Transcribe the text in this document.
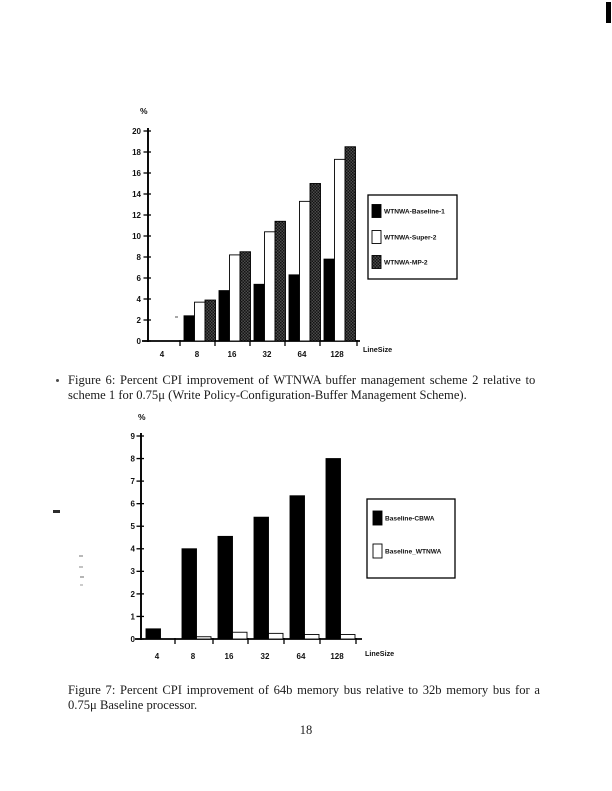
0
2
4
6
8
10
12
14
16
18
20
%
4	8	16	32	64	128
LineSize
WTNWA-Baseline-1
WTNWA-Super-2
WTNWA-MP-2
Figure 6: Percent CPI improvement of WTNWA buffer management scheme 2 relative to
scheme 1 for 0.75μ (Write Policy-Configuration-Buffer Management Scheme).
0
1
2
3
4
5
6
7
8
9
%
4	8	16	32	64	128	LineSize
Baseline-CBWA
Baseline_WTNWA
Figure 7: Percent CPI improvement of 64b memory bus relative to 32b memory bus for a
0.75μ Baseline processor.
18
